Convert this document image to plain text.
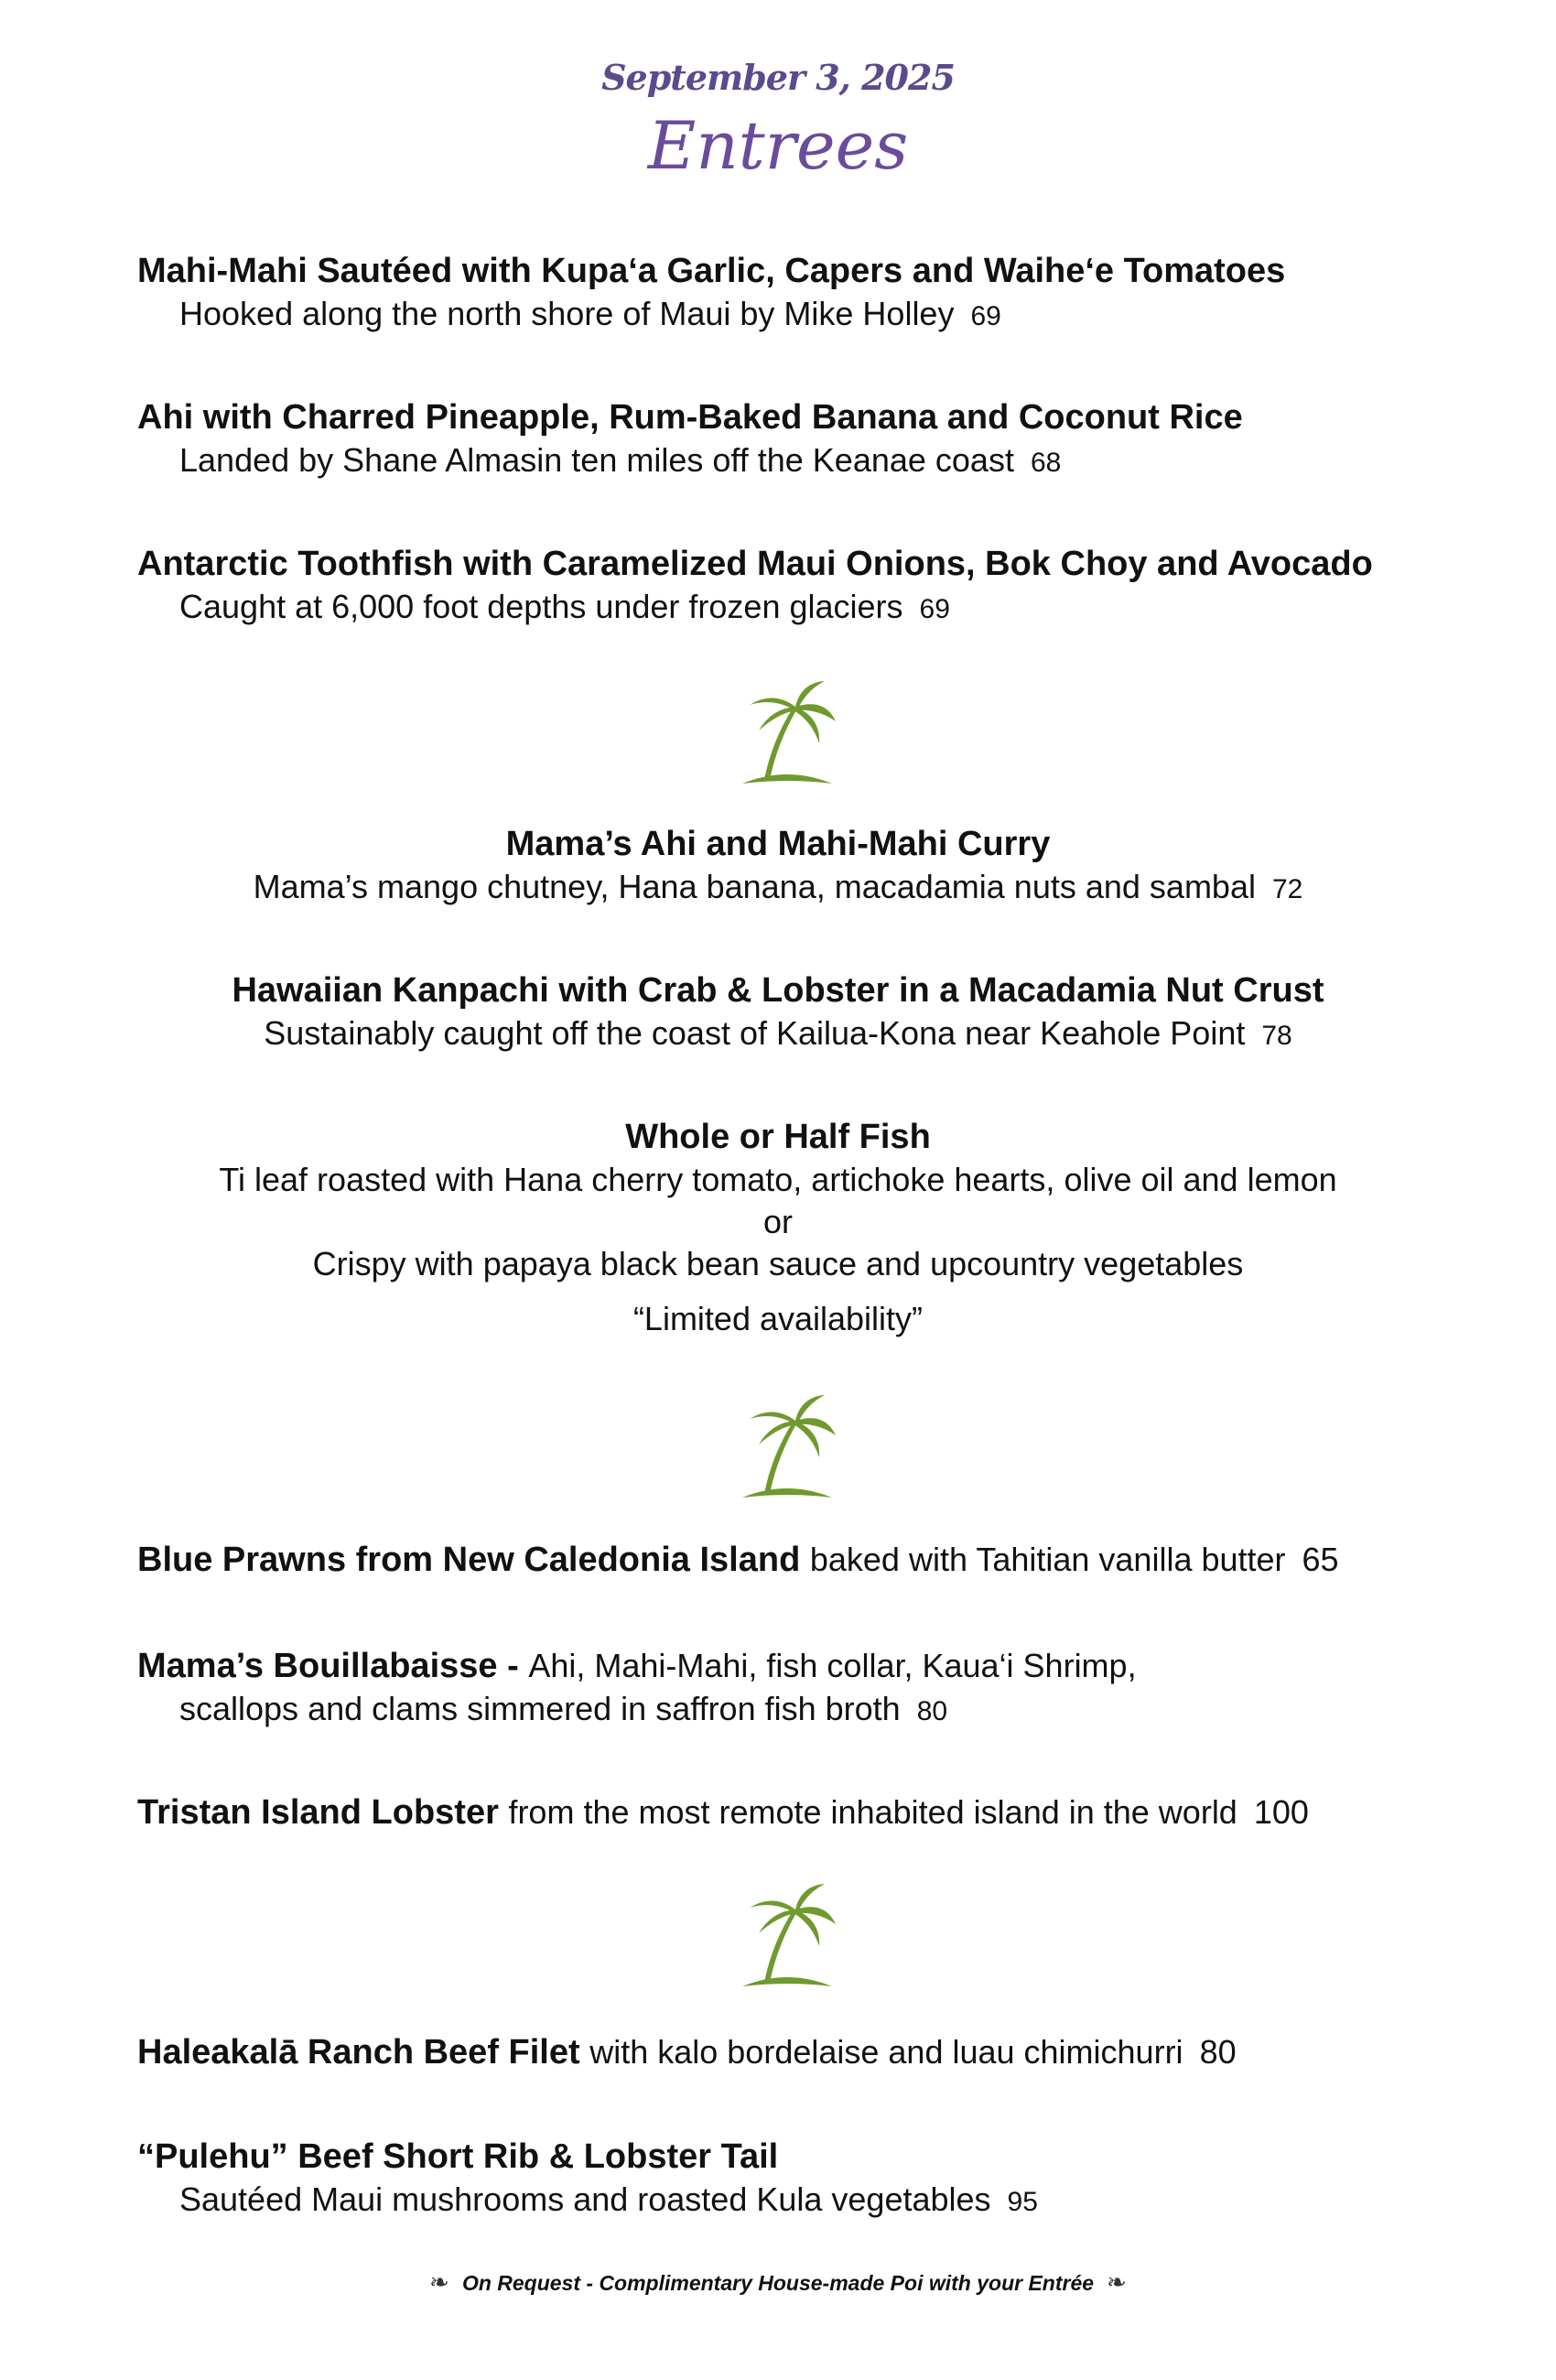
September 3, 2025
Entrees
Mahi-Mahi Sautéed with Kupa‘a Garlic, Capers and Waihe‘e Tomatoes
Hooked along the north shore of Maui by Mike Holley 69
Ahi with Charred Pineapple, Rum-Baked Banana and Coconut Rice
Landed by Shane Almasin ten miles off the Keanae coast 68
Antarctic Toothfish with Caramelized Maui Onions, Bok Choy and Avocado
Caught at 6,000 foot depths under frozen glaciers 69
Mama’s Ahi and Mahi-Mahi Curry
Mama’s mango chutney, Hana banana, macadamia nuts and sambal 72
Hawaiian Kanpachi with Crab & Lobster in a Macadamia Nut Crust
Sustainably caught off the coast of Kailua-Kona near Keahole Point 78
Whole or Half Fish
Ti leaf roasted with Hana cherry tomato, artichoke hearts, olive oil and lemon
or
Crispy with papaya black bean sauce and upcountry vegetables
“Limited availability”
Blue Prawns from New Caledonia Island baked with Tahitian vanilla butter 65
Mama’s Bouillabaisse - Ahi, Mahi-Mahi, fish collar, Kaua‘i Shrimp,
scallops and clams simmered in saffron fish broth 80
Tristan Island Lobster from the most remote inhabited island in the world 100
Haleakalā Ranch Beef Filet with kalo bordelaise and luau chimichurri 80
“Pulehu” Beef Short Rib & Lobster Tail
Sautéed Maui mushrooms and roasted Kula vegetables 95
❧ On Request - Complimentary House-made Poi with your Entrée ❧
